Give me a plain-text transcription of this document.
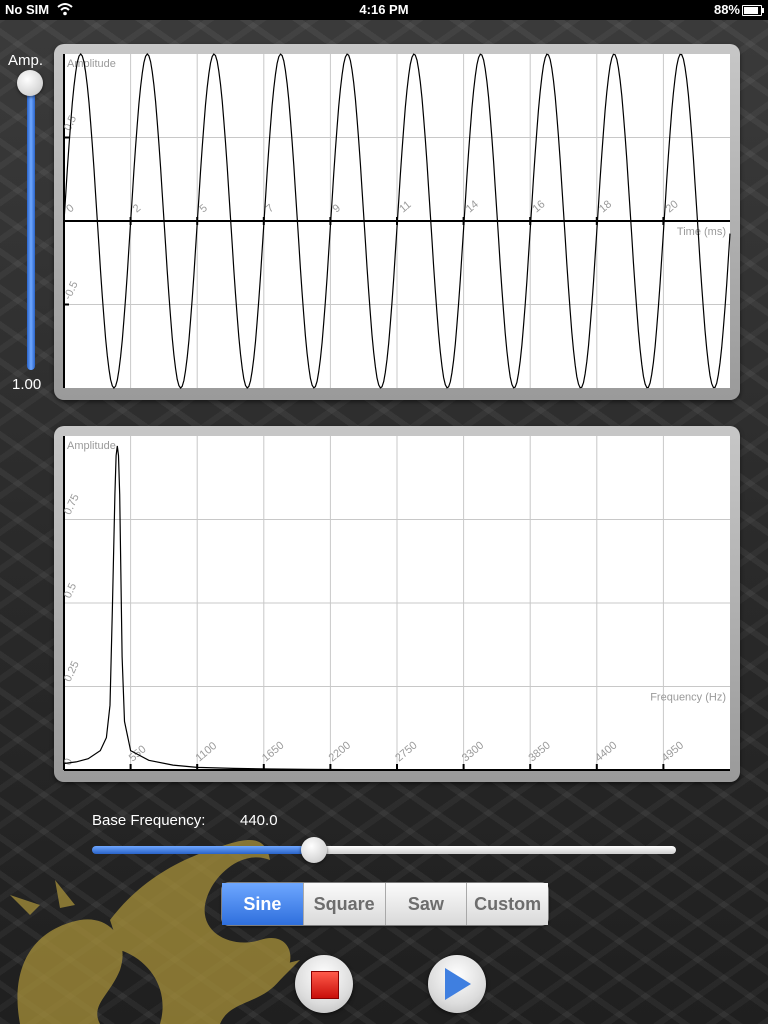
No SIM	4:16 PM	88%
Amp.
1.00
0	2	5	7	9	11	14	16	18	20
0.5
-0.5
Amplitude
Time (ms)
550	1100	1650	2200	2750	3300	3850	4400	4950
0.75
0.5
0.25
0
Amplitude
Frequency (Hz)
Base Frequency: 440.0
Sine	Square	Saw	Custom
